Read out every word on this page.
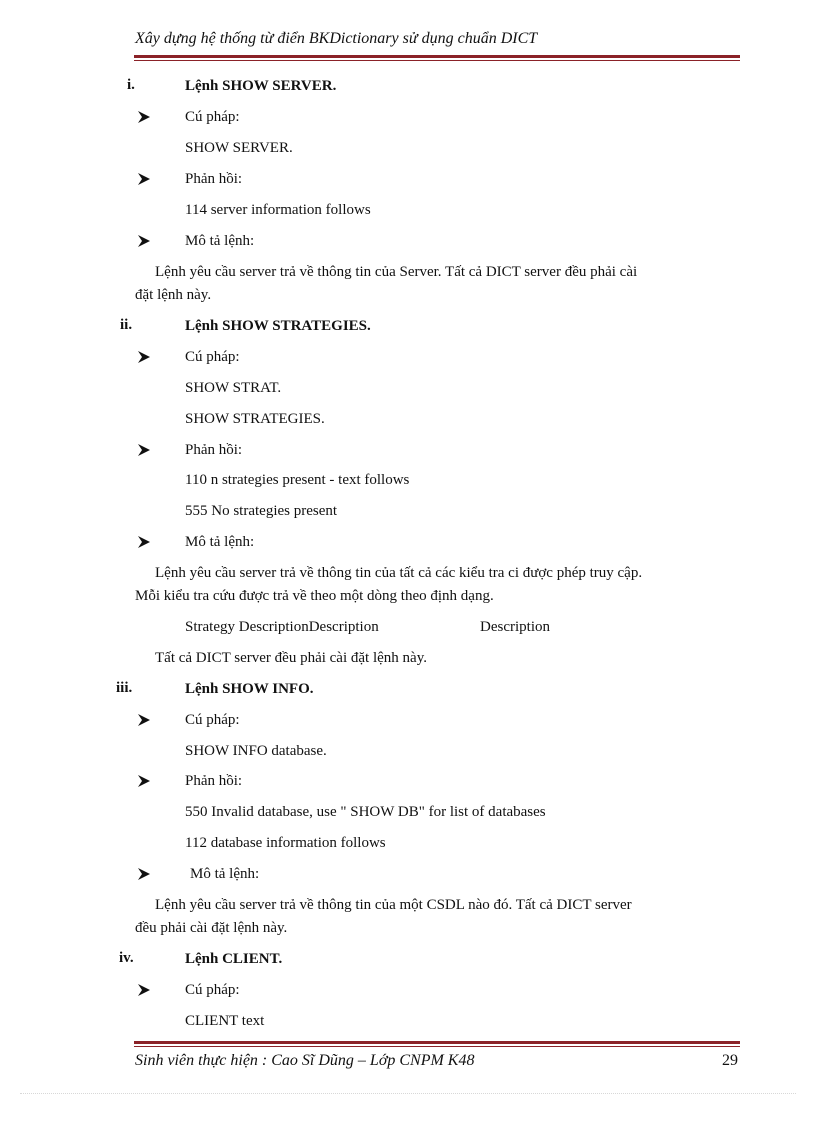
Xây dựng hệ thống từ điển BKDictionary sử dụng chuẩn DICT
i.	Lệnh SHOW SERVER.
Cú pháp:
SHOW SERVER.
Phản hồi:
114 server information follows
Mô tả lệnh:
Lệnh yêu cầu server trả về thông tin của Server. Tất cả DICT server đều phải cài
đặt lệnh này.
ii.	Lệnh SHOW STRATEGIES.
Cú pháp:
SHOW STRAT.
SHOW STRATEGIES.
Phản hồi:
110 n strategies present - text follows
555 No strategies present
Mô tả lệnh:
Lệnh yêu cầu server trả về thông tin của tất cả các kiểu tra ci được phép truy cập.
Mỗi kiểu tra cứu được trả về theo một dòng theo định dạng.
Strategy DescriptionDescription	Description
Tất cả DICT server đều phải cài đặt lệnh này.
iii.	Lệnh SHOW INFO.
Cú pháp:
SHOW INFO database.
Phản hồi:
550 Invalid database, use " SHOW DB" for list of databases
112 database information follows
Mô tả lệnh:
Lệnh yêu cầu server trả về thông tin của một CSDL nào đó. Tất cả DICT server
đều phải cài đặt lệnh này.
iv.	Lệnh CLIENT.
Cú pháp:
CLIENT text
Sinh viên thực hiện : Cao Sĩ Dũng – Lớp CNPM K48	29
